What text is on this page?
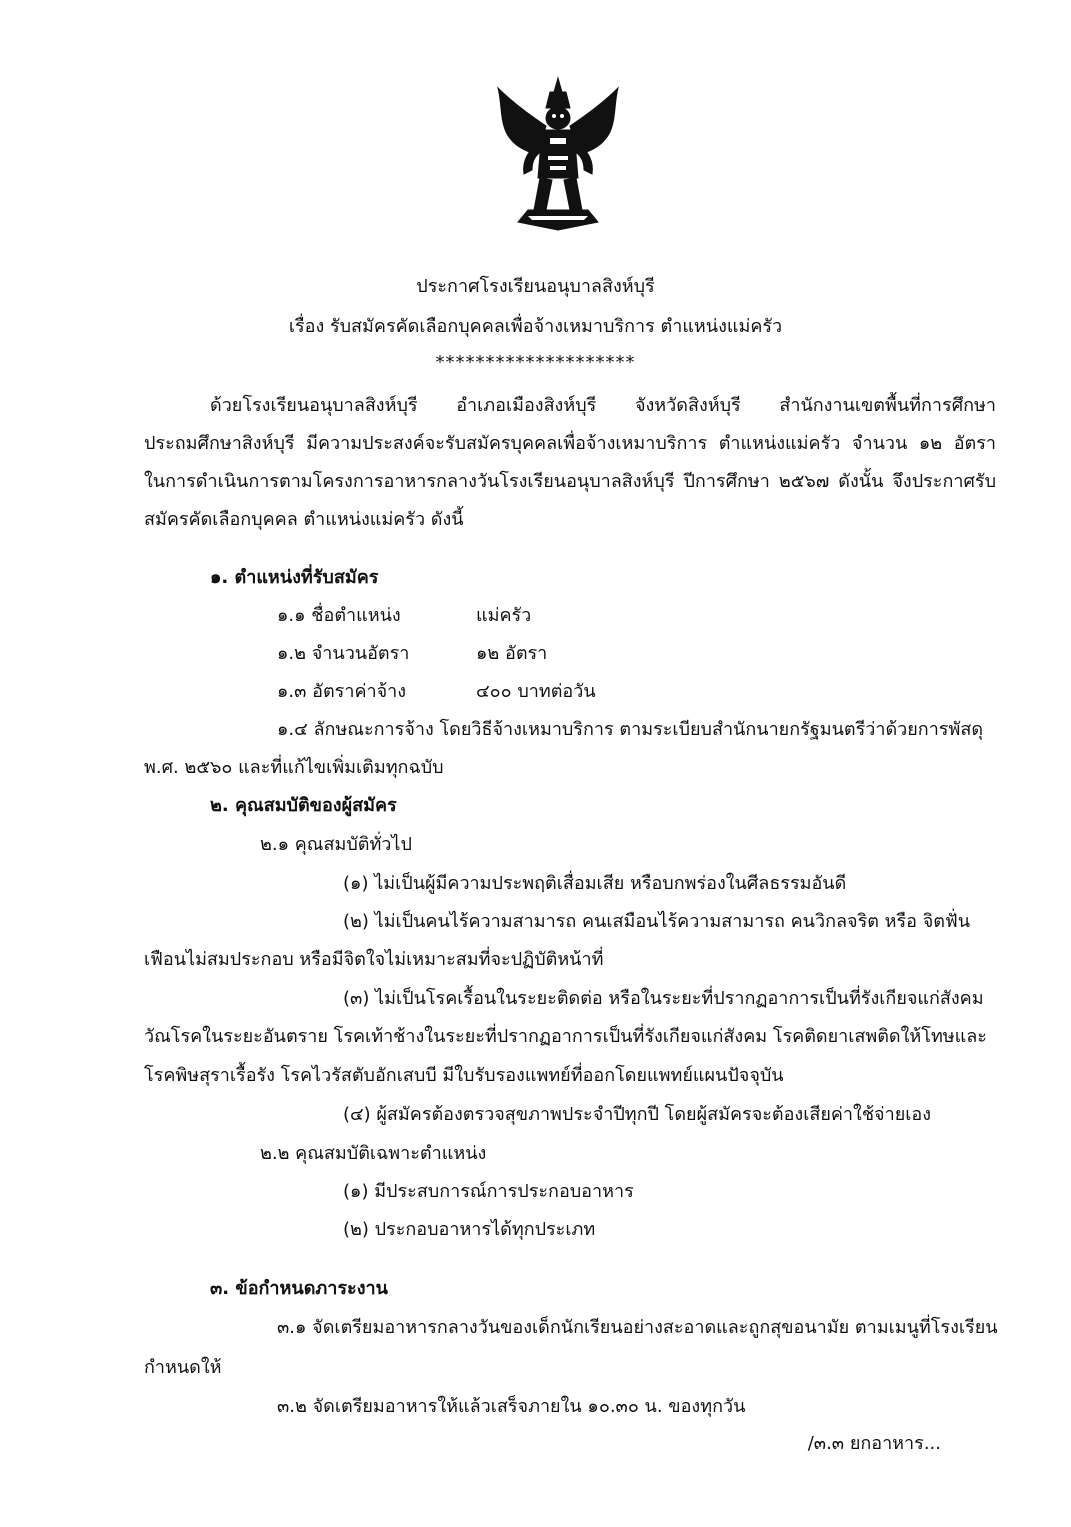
ประกาศโรงเรียนอนุบาลสิงห์บุรี
เรื่อง รับสมัครคัดเลือกบุคคลเพื่อจ้างเหมาบริการ ตำแหน่งแม่ครัว
********************
ด้วยโรงเรียนอนุบาลสิงห์บุรี อำเภอเมืองสิงห์บุรี จังหวัดสิงห์บุรี สำนักงานเขตพื้นที่การศึกษา
ประถมศึกษาสิงห์บุรี มีความประสงค์จะรับสมัครบุคคลเพื่อจ้างเหมาบริการ ตำแหน่งแม่ครัว จำนวน ๑๒ อัตรา
ในการดำเนินการตามโครงการอาหารกลางวันโรงเรียนอนุบาลสิงห์บุรี ปีการศึกษา ๒๕๖๗ ดังนั้น จึงประกาศรับ
สมัครคัดเลือกบุคคล ตำแหน่งแม่ครัว ดังนี้
๑. ตำแหน่งที่รับสมัคร
๑.๑ ชื่อตำแหน่ง	แม่ครัว
๑.๒ จำนวนอัตรา	๑๒ อัตรา
๑.๓ อัตราค่าจ้าง	๔๐๐ บาทต่อวัน
๑.๔ ลักษณะการจ้าง โดยวิธีจ้างเหมาบริการ ตามระเบียบสำนักนายกรัฐมนตรีว่าด้วยการพัสดุ
พ.ศ. ๒๕๖๐ และที่แก้ไขเพิ่มเติมทุกฉบับ
๒. คุณสมบัติของผู้สมัคร
๒.๑ คุณสมบัติทั่วไป
(๑) ไม่เป็นผู้มีความประพฤติเสื่อมเสีย หรือบกพร่องในศีลธรรมอันดี
(๒) ไม่เป็นคนไร้ความสามารถ คนเสมือนไร้ความสามารถ คนวิกลจริต หรือ จิตฟั่น
เฟือนไม่สมประกอบ หรือมีจิตใจไม่เหมาะสมที่จะปฏิบัติหน้าที่
(๓) ไม่เป็นโรคเรื้อนในระยะติดต่อ หรือในระยะที่ปรากฏอาการเป็นที่รังเกียจแก่สังคม
วัณโรคในระยะอันตราย โรคเท้าช้างในระยะที่ปรากฏอาการเป็นที่รังเกียจแก่สังคม โรคติดยาเสพติดให้โทษและ
โรคพิษสุราเรื้อรัง โรคไวรัสตับอักเสบบี มีใบรับรองแพทย์ที่ออกโดยแพทย์แผนปัจจุบัน
(๔) ผู้สมัครต้องตรวจสุขภาพประจำปีทุกปี โดยผู้สมัครจะต้องเสียค่าใช้จ่ายเอง
๒.๒ คุณสมบัติเฉพาะตำแหน่ง
(๑) มีประสบการณ์การประกอบอาหาร
(๒) ประกอบอาหารได้ทุกประเภท
๓. ข้อกำหนดภาระงาน
๓.๑ จัดเตรียมอาหารกลางวันของเด็กนักเรียนอย่างสะอาดและถูกสุขอนามัย ตามเมนูที่โรงเรียน
กำหนดให้
๓.๒ จัดเตรียมอาหารให้แล้วเสร็จภายใน ๑๐.๓๐ น. ของทุกวัน
/๓.๓ ยกอาหาร...
